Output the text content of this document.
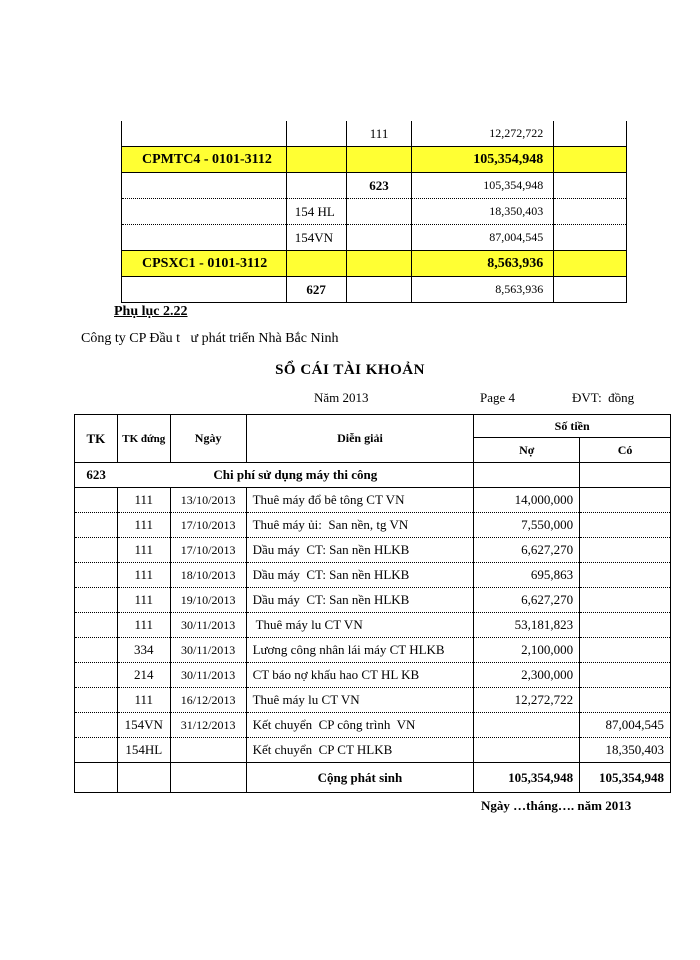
		111	12,272,722	
CPMTC4 - 0101-3112			105,354,948	
		623	105,354,948	
	154 HL		18,350,403	
	154VN		87,004,545	
CPSXC1 - 0101-3112			8,563,936	
	627		8,563,936	
Phụ lục 2.22
Công ty CP Đầu t   ư phát triển Nhà Bắc Ninh
SỔ CÁI TÀI KHOẢN
Năm 2013	Page 4	ĐVT:  đồng
TK	TK đứng	Ngày	Diễn giải	Số tiền	
				Nợ	Có
623	Chi phí sử dụng máy thi công				
	111	13/10/2013	Thuê máy đổ bê tông CT VN	14,000,000	
	111	17/10/2013	Thuê máy ủi:  San nền, tg VN	7,550,000	
	111	17/10/2013	Dầu máy  CT: San nền HLKB	6,627,270	
	111	18/10/2013	Dầu máy  CT: San nền HLKB	695,863	
	111	19/10/2013	Dầu máy  CT: San nền HLKB	6,627,270	
	111	30/11/2013	Thuê máy lu CT VN	53,181,823	
	334	30/11/2013	Lương công nhân lái máy CT HLKB	2,100,000	
	214	30/11/2013	CT báo nợ khấu hao CT HL KB	2,300,000	
	111	16/12/2013	Thuê máy lu CT VN	12,272,722	
	154VN	31/12/2013	Kết chuyển  CP công trình  VN		87,004,545
	154HL		Kết chuyển  CP CT HLKB		18,350,403
			Cộng phát sinh	105,354,948	105,354,948
Ngày …tháng…. năm 2013
